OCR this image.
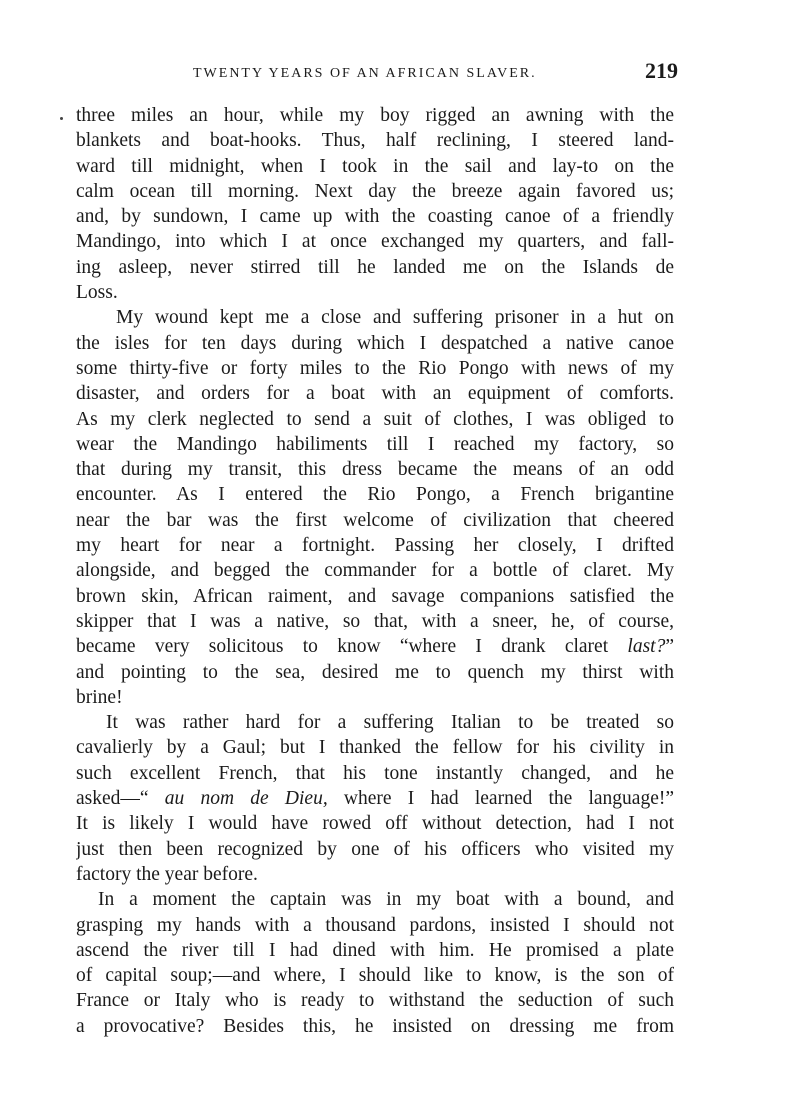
TWENTY YEARS OF AN AFRICAN SLAVER.	219
three miles an hour, while my boy rigged an awning with the
blankets and boat-hooks. Thus, half reclining, I steered land-
ward till midnight, when I took in the sail and lay-to on the
calm ocean till morning. Next day the breeze again favored us;
and, by sundown, I came up with the coasting canoe of a friendly
Mandingo, into which I at once exchanged my quarters, and fall-
ing asleep, never stirred till he landed me on the Islands de
Loss.
My wound kept me a close and suffering prisoner in a hut on
the isles for ten days during which I despatched a native canoe
some thirty-five or forty miles to the Rio Pongo with news of my
disaster, and orders for a boat with an equipment of comforts.
As my clerk neglected to send a suit of clothes, I was obliged to
wear the Mandingo habiliments till I reached my factory, so
that during my transit, this dress became the means of an odd
encounter. As I entered the Rio Pongo, a French brigantine
near the bar was the first welcome of civilization that cheered
my heart for near a fortnight. Passing her closely, I drifted
alongside, and begged the commander for a bottle of claret. My
brown skin, African raiment, and savage companions satisfied the
skipper that I was a native, so that, with a sneer, he, of course,
became very solicitous to know “where I drank claret last?”
and pointing to the sea, desired me to quench my thirst with
brine!
It was rather hard for a suffering Italian to be treated so
cavalierly by a Gaul; but I thanked the fellow for his civility in
such excellent French, that his tone instantly changed, and he
asked—“ au nom de Dieu, where I had learned the language!”
It is likely I would have rowed off without detection, had I not
just then been recognized by one of his officers who visited my
factory the year before.
In a moment the captain was in my boat with a bound, and
grasping my hands with a thousand pardons, insisted I should not
ascend the river till I had dined with him. He promised a plate
of capital soup;—and where, I should like to know, is the son of
France or Italy who is ready to withstand the seduction of such
a provocative? Besides this, he insisted on dressing me from
